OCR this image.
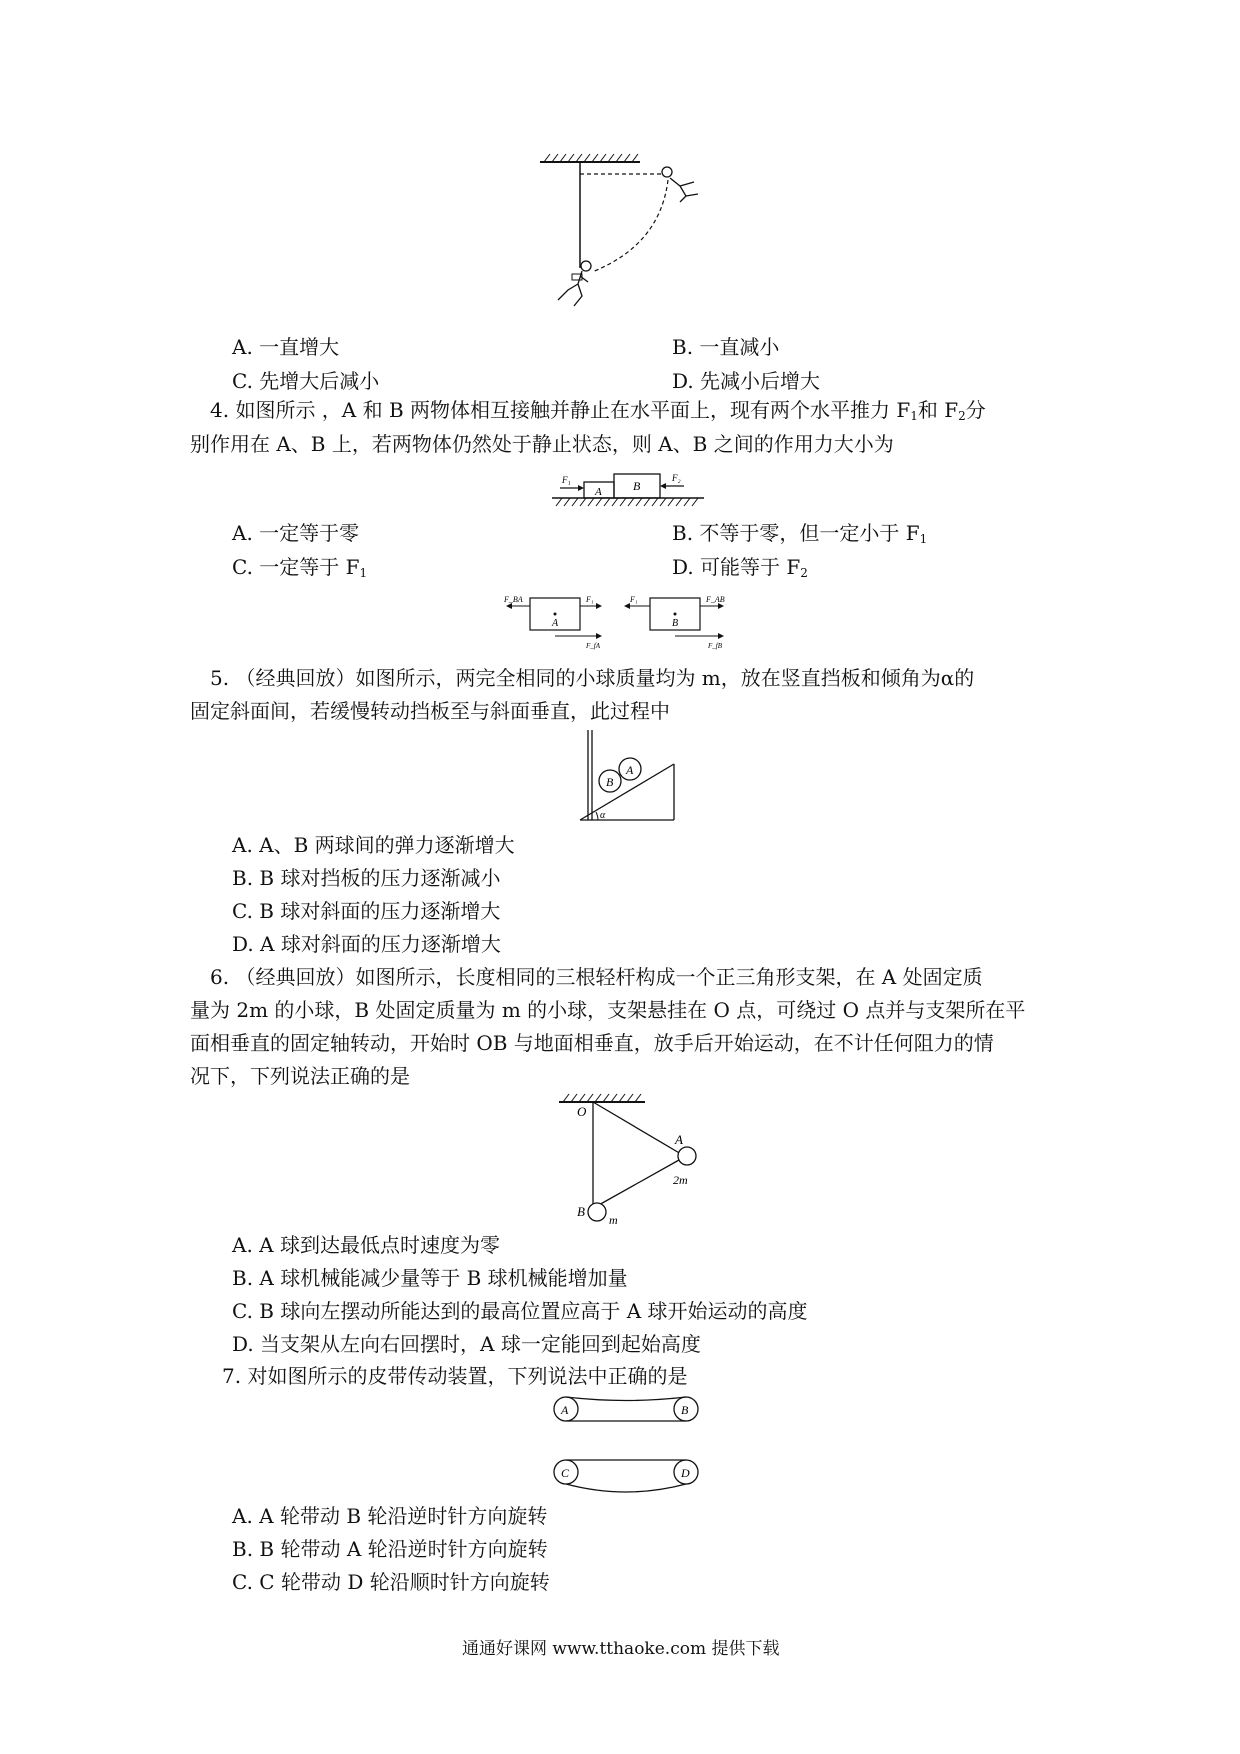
A. 一直增大	B. 一直减小
C. 先增大后减小	D. 先减小后增大
4. 如图所示 ，A 和 B 两物体相互接触并静止在水平面上，现有两个水平推力 $F_1$和 $F_2$分
别作用在 A、B 上，若两物体仍然处于静止状态，则 A、B 之间的作用力大小为
A	B
F₁	F₂
A. 一定等于零	B. 不等于零，但一定小于 $F_1$
C. 一定等于 $F_1$	D. 可能等于 $F_2$
A
F_BA	F₁
F_fA
B
F₁	F_AB
F_fB
5. （经典回放）如图所示，两完全相同的小球质量均为 m，放在竖直挡板和倾角为α的
固定斜面间，若缓慢转动挡板至与斜面垂直，此过程中
B
A
α
A. A、B 两球间的弹力逐渐增大
B. B 球对挡板的压力逐渐减小
C. B 球对斜面的压力逐渐增大
D. A 球对斜面的压力逐渐增大
6. （经典回放）如图所示，长度相同的三根轻杆构成一个正三角形支架，在 A 处固定质
量为 2m 的小球，B 处固定质量为 m 的小球，支架悬挂在 O 点，可绕过 O 点并与支架所在平
面相垂直的固定轴转动，开始时 OB 与地面相垂直，放手后开始运动，在不计任何阻力的情
况下，下列说法正确的是
O
A
2m
B
m
A. A 球到达最低点时速度为零
B. A 球机械能减少量等于 B 球机械能增加量
C. B 球向左摆动所能达到的最高位置应高于 A 球开始运动的高度
D. 当支架从左向右回摆时，A 球一定能回到起始高度
7. 对如图所示的皮带传动装置，下列说法中正确的是
A	B
C	D
A. A 轮带动 B 轮沿逆时针方向旋转
B. B 轮带动 A 轮沿逆时针方向旋转
C. C 轮带动 D 轮沿顺时针方向旋转
通通好课网 www.tthaoke.com 提供下载
